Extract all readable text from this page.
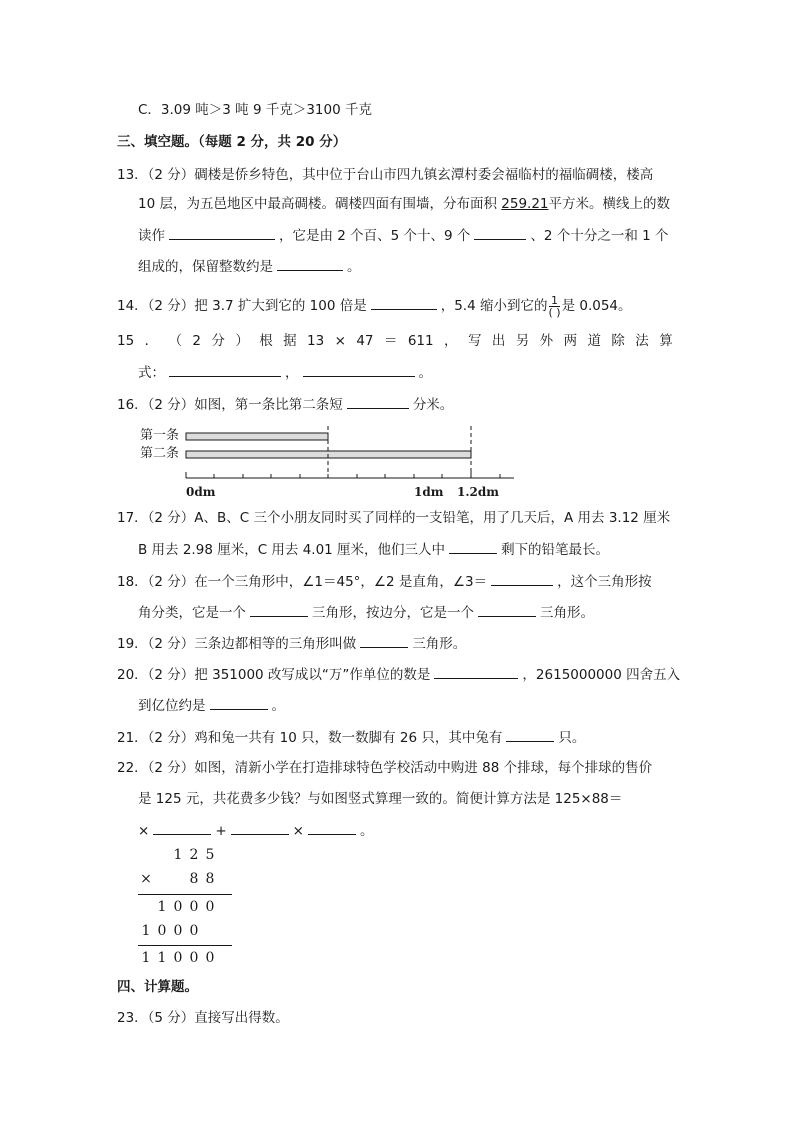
C．3.09 吨＞3 吨 9 千克＞3100 千克
三、填空题。（每题 2 分，共 20 分）
13．（2 分）碉楼是侨乡特色，其中位于台山市四九镇玄潭村委会福临村的福临碉楼，楼高
10 层，为五邑地区中最高碉楼。碉楼四面有围墙，分布面积 259.21平方米。横线上的数
读作	，它是由 2 个百、5 个十、9 个	、2 个十分之一和 1 个
组成的，保留整数约是	。
14．（2 分）把 3.7 扩大到它的 100 倍是	，5.4 缩小到它的 $\frac{1}{( )}$ 是 0.054。
15 ． （ 2 分 ） 根 据 13 × 47 ＝ 611 ， 写 出 另 外 两 道 除 法 算
式：	，	。
16．（2 分）如图，第一条比第二条短	分米。
第一条
第二条
0dm	1dm 1.2dm
17．（2 分）A、B、C 三个小朋友同时买了同样的一支铅笔，用了几天后，A 用去 3.12 厘米
B 用去 2.98 厘米，C 用去 4.01 厘米，他们三人中	剩下的铅笔最长。
18．（2 分）在一个三角形中，∠1＝45°，∠2 是直角，∠3＝	，这个三角形按
角分类，它是一个	三角形，按边分，它是一个	三角形。
19．（2 分）三条边都相等的三角形叫做	三角形。
20．（2 分）把 351000 改写成以“万”作单位的数是	，2615000000 四舍五入
到亿位约是	。
21．（2 分）鸡和兔一共有 10 只，数一数脚有 26 只，其中兔有	只。
22．（2 分）如图，清新小学在打造排球特色学校活动中购进 88 个排球，每个排球的售价
是 125 元，共花费多少钱？与如图竖式算理一致的。简便计算方法是 125×88＝
×	+	×	。
1 2 5
×	8 8
1 0 0 0
1 0 0 0
1 1 0 0 0
四、计算题。
23．（5 分）直接写出得数。
